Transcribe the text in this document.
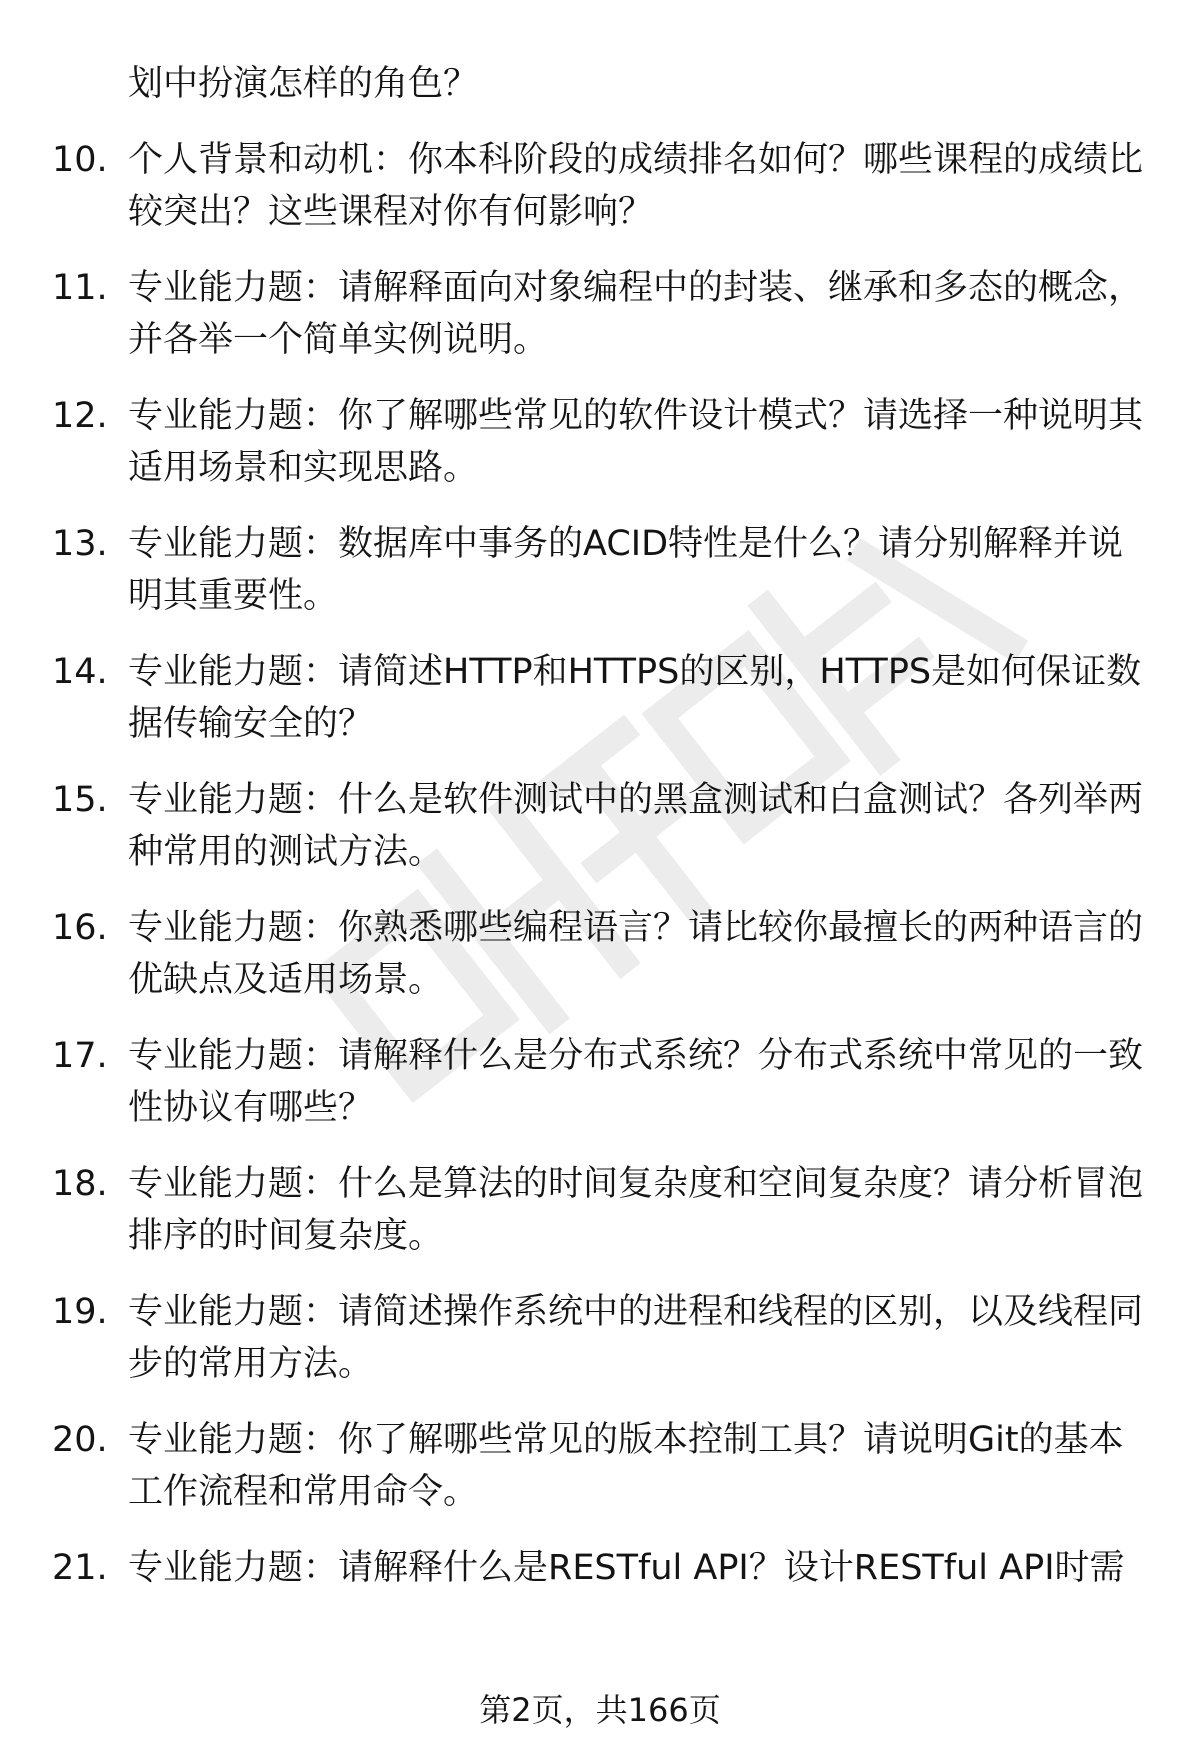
划中扮演怎样的角色？
10. 个人背景和动机：你本科阶段的成绩排名如何？哪些课程的成绩比较突出？这些课程对你有何影响？
11. 专业能力题：请解释面向对象编程中的封装、继承和多态的概念，并各举一个简单实例说明。
12. 专业能力题：你了解哪些常见的软件设计模式？请选择一种说明其适用场景和实现思路。
13. 专业能力题：数据库中事务的ACID特性是什么？请分别解释并说明其重要性。
14. 专业能力题：请简述HTTP和HTTPS的区别，HTTPS是如何保证数据传输安全的？
15. 专业能力题：什么是软件测试中的黑盒测试和白盒测试？各列举两种常用的测试方法。
16. 专业能力题：你熟悉哪些编程语言？请比较你最擅长的两种语言的优缺点及适用场景。
17. 专业能力题：请解释什么是分布式系统？分布式系统中常见的一致性协议有哪些？
18. 专业能力题：什么是算法的时间复杂度和空间复杂度？请分析冒泡排序的时间复杂度。
19. 专业能力题：请简述操作系统中的进程和线程的区别，以及线程同步的常用方法。
20. 专业能力题：你了解哪些常见的版本控制工具？请说明Git的基本工作流程和常用命令。
21. 专业能力题：请解释什么是RESTful API？设计RESTful API时需
第2页，共166页
